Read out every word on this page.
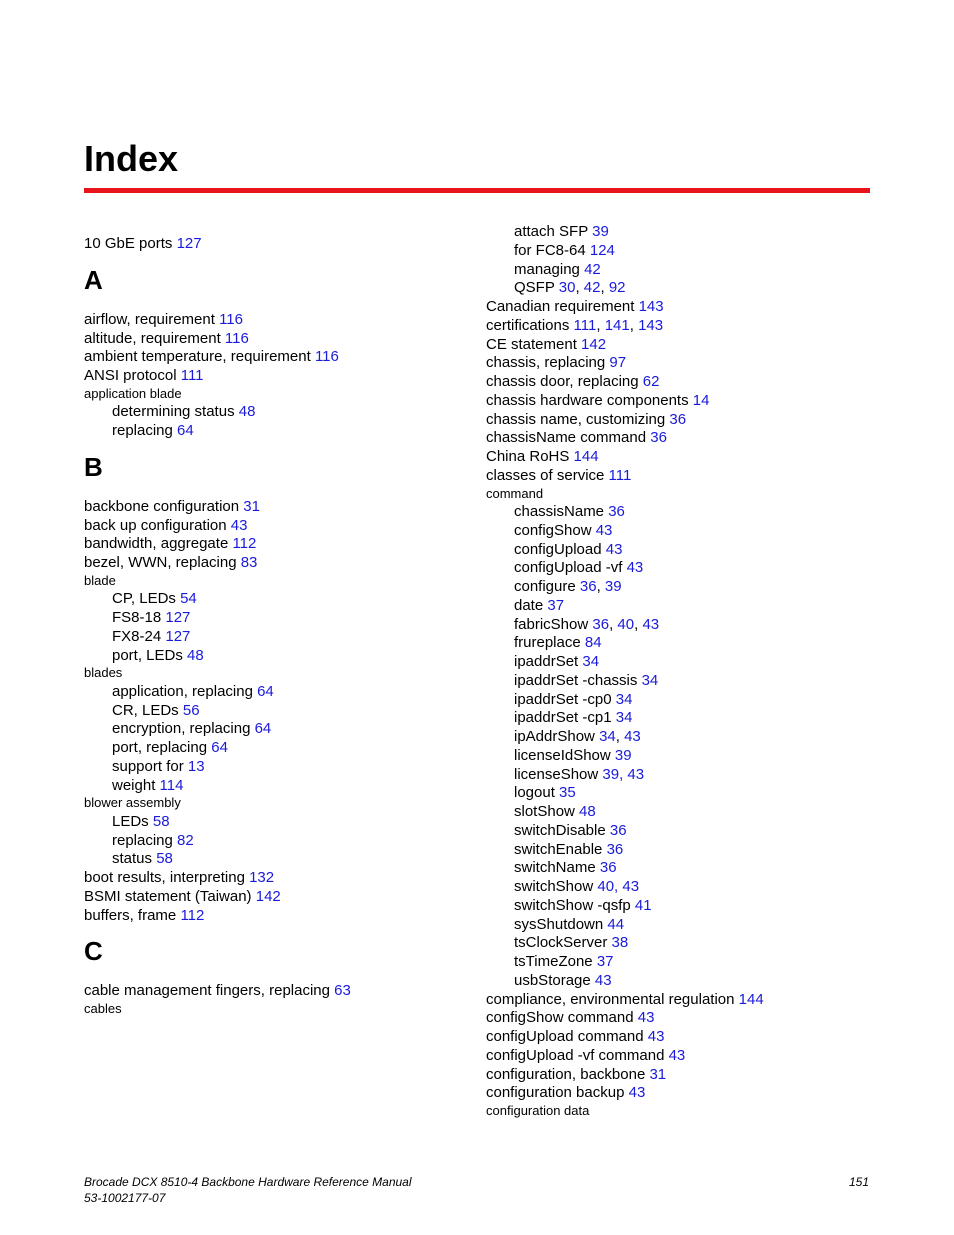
Index
10 GbE ports 127
A
airflow, requirement 116
altitude, requirement 116
ambient temperature, requirement 116
ANSI protocol 111
application blade
determining status 48
replacing 64
B
backbone configuration 31
back up configuration 43
bandwidth, aggregate 112
bezel, WWN, replacing 83
blade
CP, LEDs 54
FS8-18 127
FX8-24 127
port, LEDs 48
blades
application, replacing 64
CR, LEDs 56
encryption, replacing 64
port, replacing 64
support for 13
weight 114
blower assembly
LEDs 58
replacing 82
status 58
boot results, interpreting 132
BSMI statement (Taiwan) 142
buffers, frame 112
C
cable management fingers, replacing 63
cables
attach SFP 39
for FC8-64 124
managing 42
QSFP 30, 42, 92
Canadian requirement 143
certifications 111, 141, 143
CE statement 142
chassis, replacing 97
chassis door, replacing 62
chassis hardware components 14
chassis name, customizing 36
chassisName command 36
China RoHS 144
classes of service 111
command
chassisName 36
configShow 43
configUpload 43
configUpload -vf 43
configure 36, 39
date 37
fabricShow 36, 40, 43
frureplace 84
ipaddrSet 34
ipaddrSet -chassis 34
ipaddrSet -cp0 34
ipaddrSet -cp1 34
ipAddrShow 34, 43
licenseIdShow 39
licenseShow 39, 43
logout 35
slotShow 48
switchDisable 36
switchEnable 36
switchName 36
switchShow 40, 43
switchShow -qsfp 41
sysShutdown 44
tsClockServer 38
tsTimeZone 37
usbStorage 43
compliance, environmental regulation 144
configShow command 43
configUpload command 43
configUpload -vf command 43
configuration, backbone 31
configuration backup 43
configuration data
Brocade DCX 8510-4 Backbone Hardware Reference Manual
53-1002177-07
151
